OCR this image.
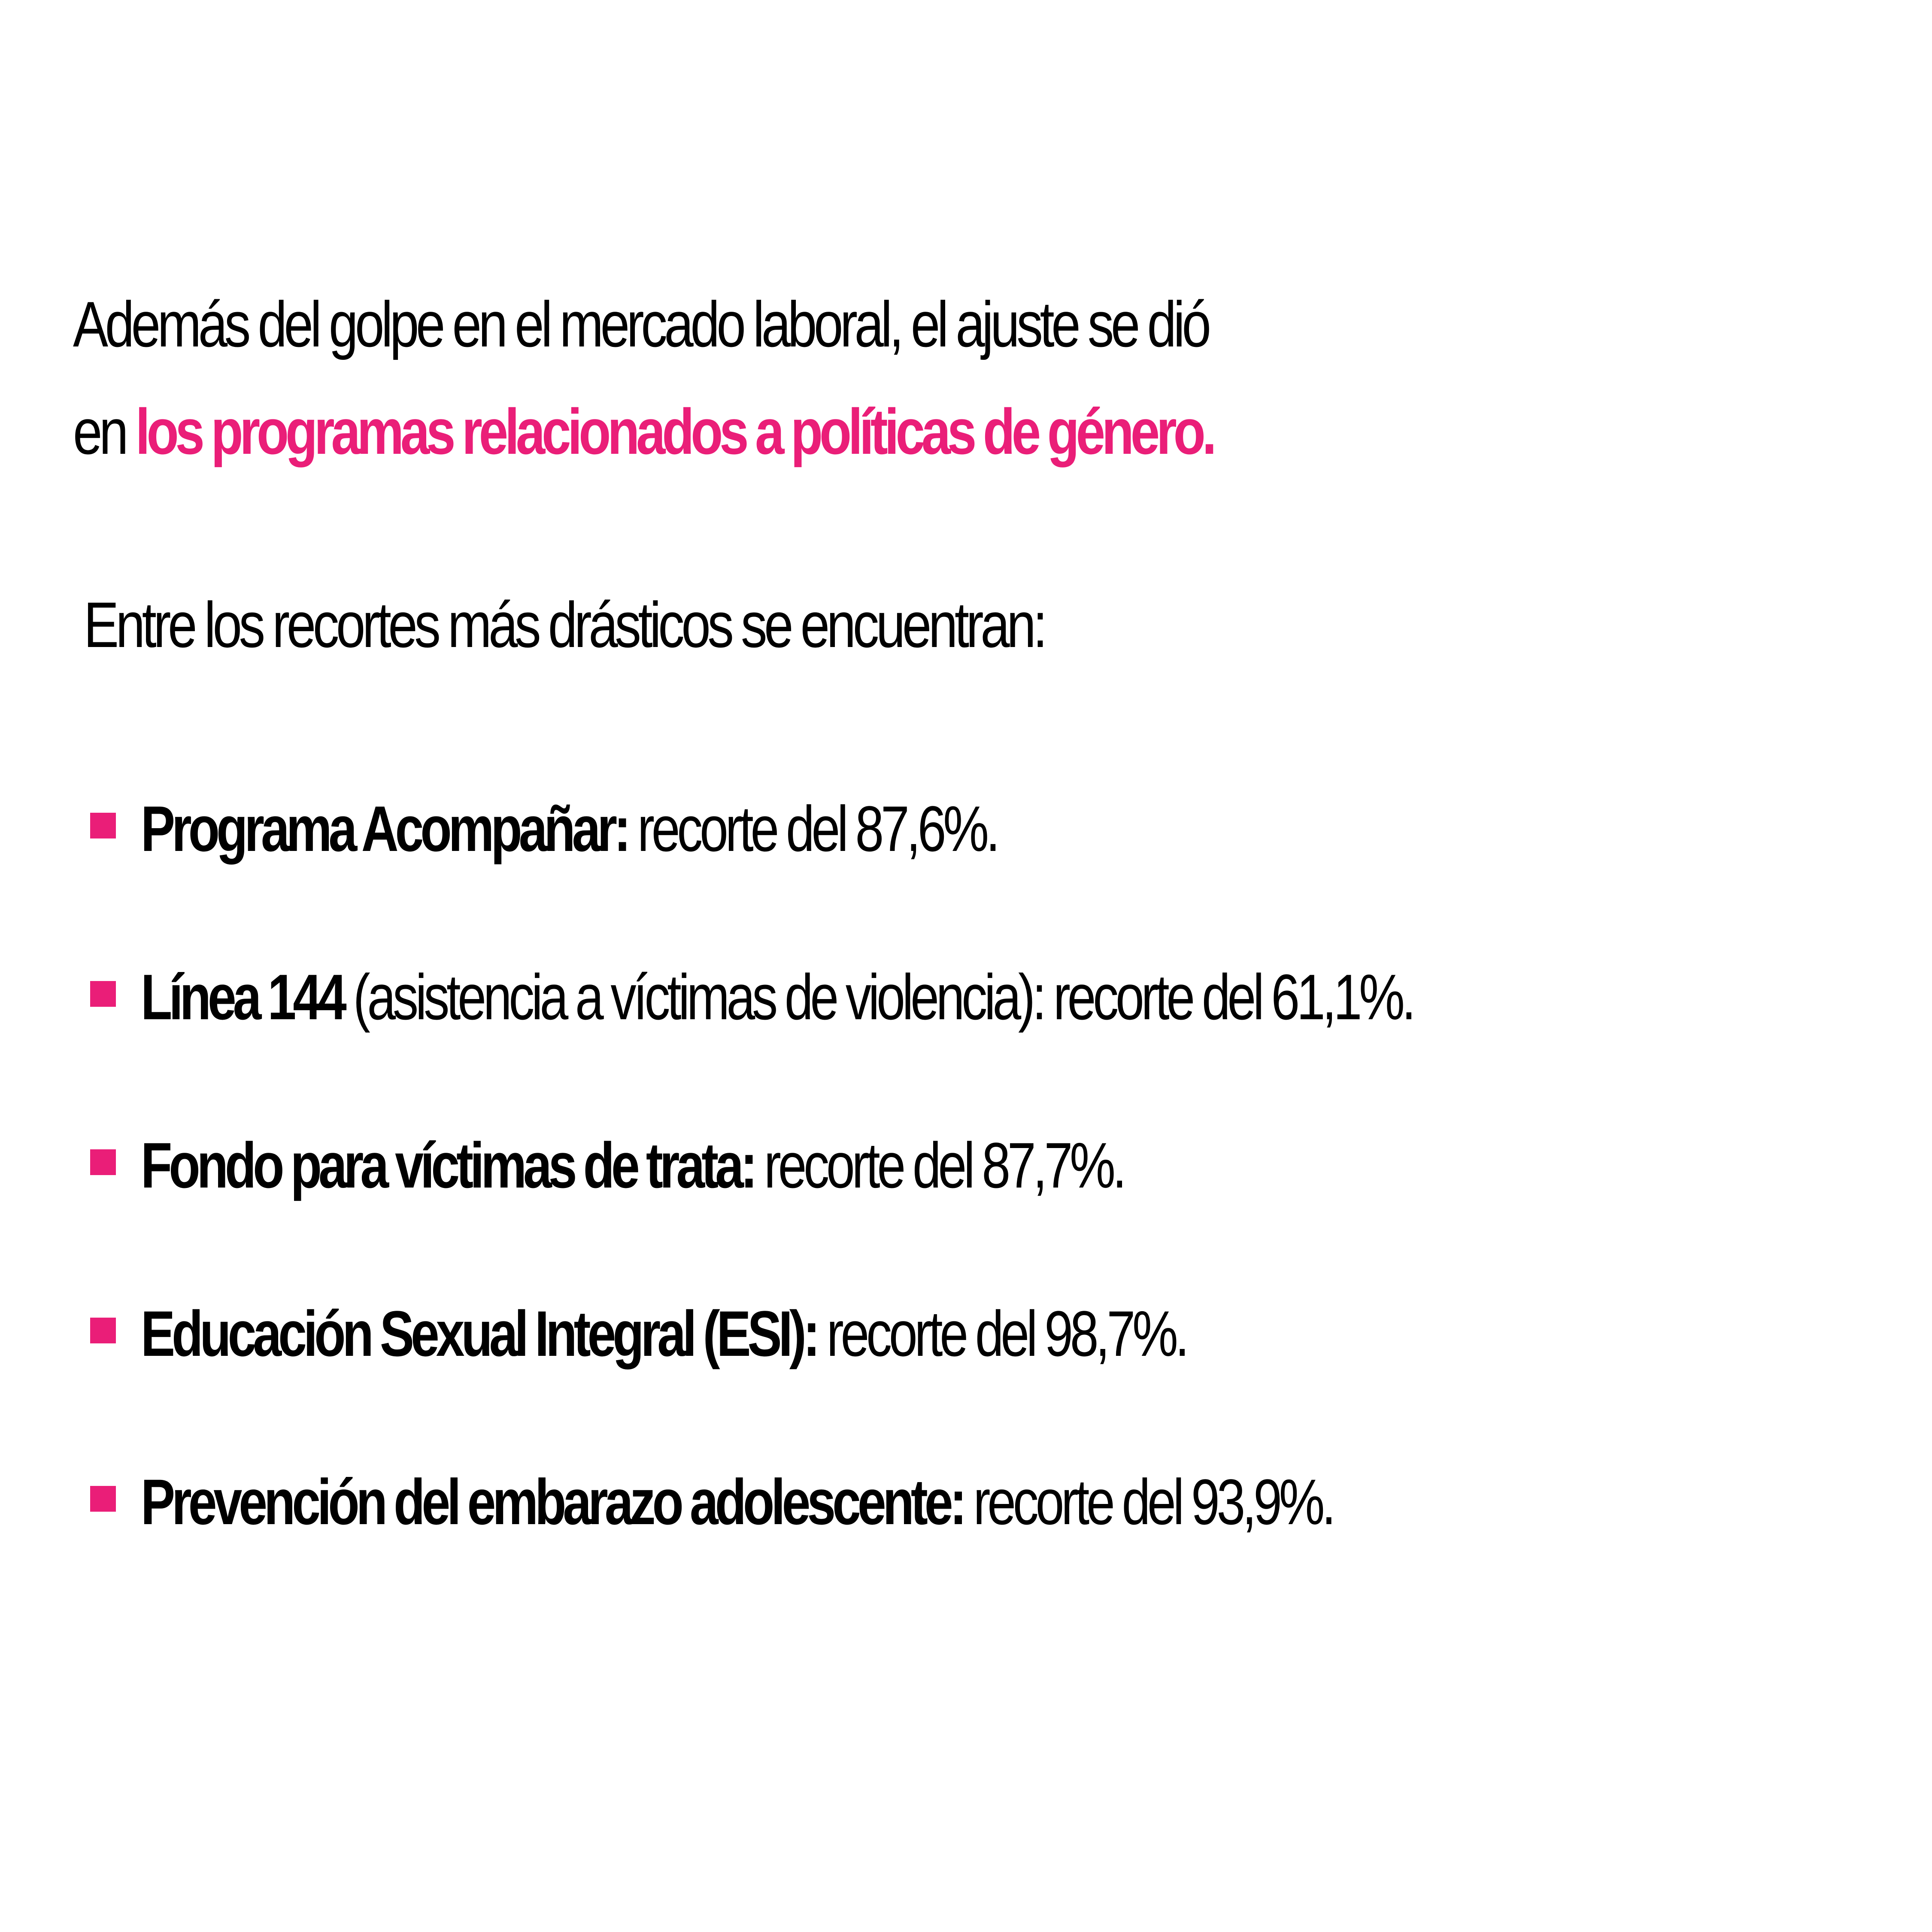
Además del golpe en el mercado laboral, el ajuste se dió
en los programas relacionados a políticas de género.

Entre los recortes más drásticos se encuentran:

Programa Acompañar: recorte del 87,6%.
Línea 144 (asistencia a víctimas de violencia): recorte del 61,1%.
Fondo para víctimas de trata: recorte del 87,7%.
Educación Sexual Integral (ESI): recorte del 98,7%.
Prevención del embarazo adolescente: recorte del 93,9%.
